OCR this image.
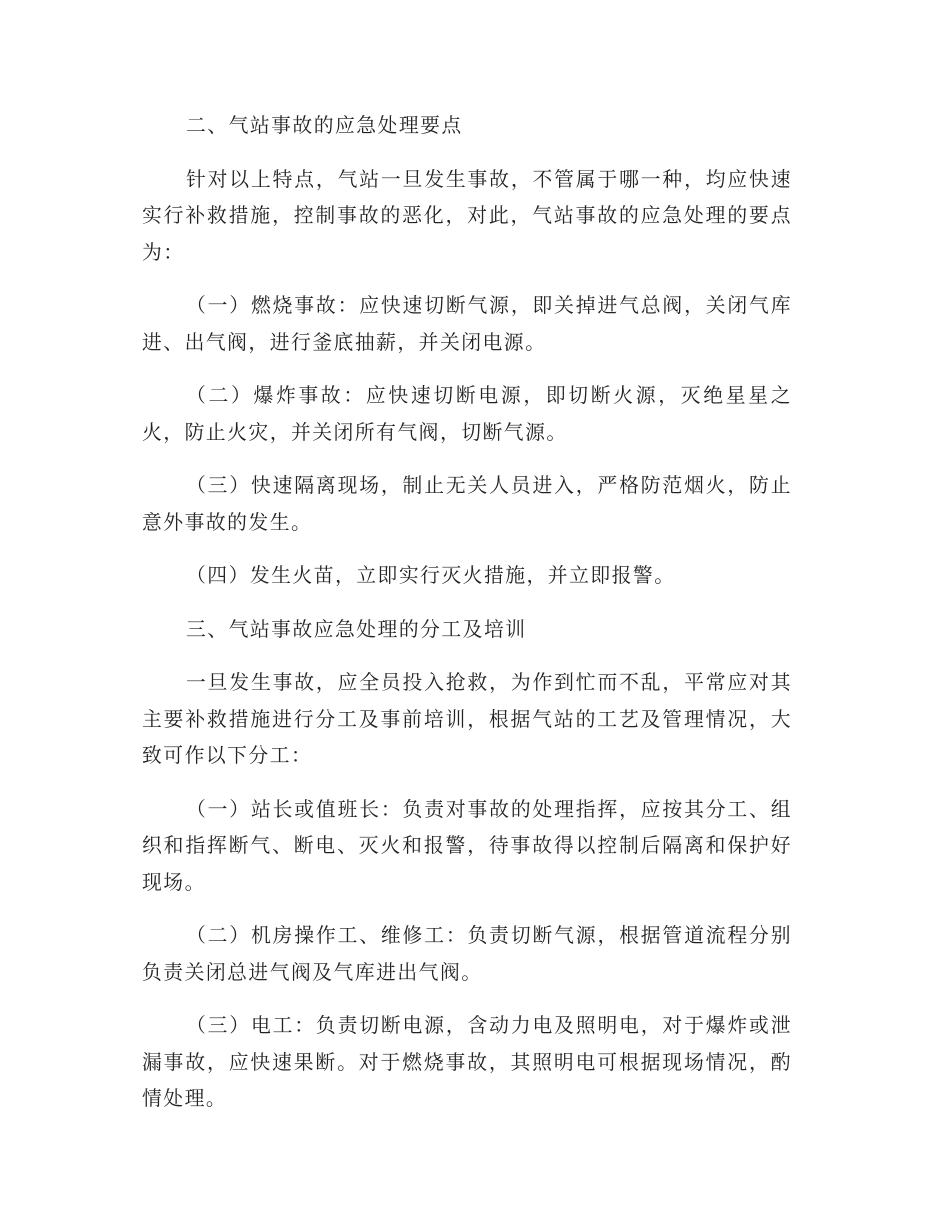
二、气站事故的应急处理要点

针对以上特点，气站一旦发生事故，不管属于哪一种，均应快速实行补救措施，控制事故的恶化，对此，气站事故的应急处理的要点为：

（一）燃烧事故：应快速切断气源，即关掉进气总阀，关闭气库进、出气阀，进行釜底抽薪，并关闭电源。

（二）爆炸事故：应快速切断电源，即切断火源，灭绝星星之火，防止火灾，并关闭所有气阀，切断气源。

（三）快速隔离现场，制止无关人员进入，严格防范烟火，防止意外事故的发生。

（四）发生火苗，立即实行灭火措施，并立即报警。

三、气站事故应急处理的分工及培训

一旦发生事故，应全员投入抢救，为作到忙而不乱，平常应对其主要补救措施进行分工及事前培训，根据气站的工艺及管理情况，大致可作以下分工：

（一）站长或值班长：负责对事故的处理指挥，应按其分工、组织和指挥断气、断电、灭火和报警，待事故得以控制后隔离和保护好现场。

（二）机房操作工、维修工：负责切断气源，根据管道流程分别负责关闭总进气阀及气库进出气阀。

（三）电工：负责切断电源，含动力电及照明电，对于爆炸或泄漏事故，应快速果断。对于燃烧事故，其照明电可根据现场情况，酌情处理。
